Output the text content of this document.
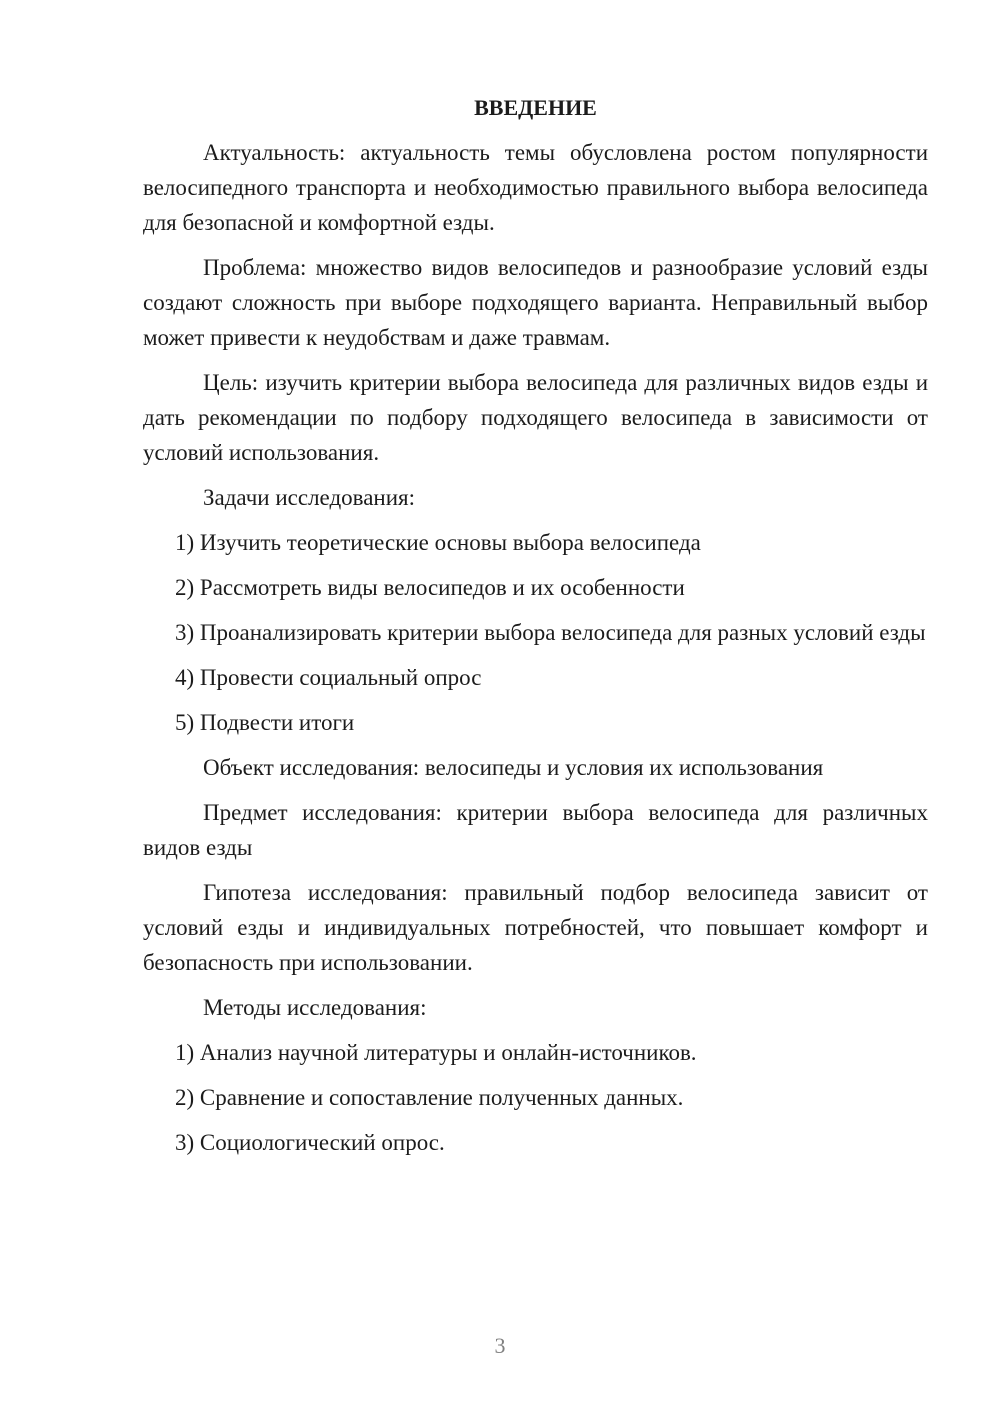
ВВЕДЕНИЕ

Актуальность: актуальность темы обусловлена ростом популярности велосипедного транспорта и необходимостью правильного выбора велосипеда для безопасной и комфортной езды.

Проблема: множество видов велосипедов и разнообразие условий езды создают сложность при выборе подходящего варианта. Неправильный выбор может привести к неудобствам и даже травмам.

Цель: изучить критерии выбора велосипеда для различных видов езды и дать рекомендации по подбору подходящего велосипеда в зависимости от условий использования.

Задачи исследования:

1) Изучить теоретические основы выбора велосипеда

2) Рассмотреть виды велосипедов и их особенности

3) Проанализировать критерии выбора велосипеда для разных условий езды

4) Провести социальный опрос

5) Подвести итоги

Объект исследования: велосипеды и условия их использования

Предмет исследования: критерии выбора велосипеда для различных видов езды

Гипотеза исследования: правильный подбор велосипеда зависит от условий езды и индивидуальных потребностей, что повышает комфорт и безопасность при использовании.

Методы исследования:

1) Анализ научной литературы и онлайн-источников.

2) Сравнение и сопоставление полученных данных.

3) Социологический опрос.

3
